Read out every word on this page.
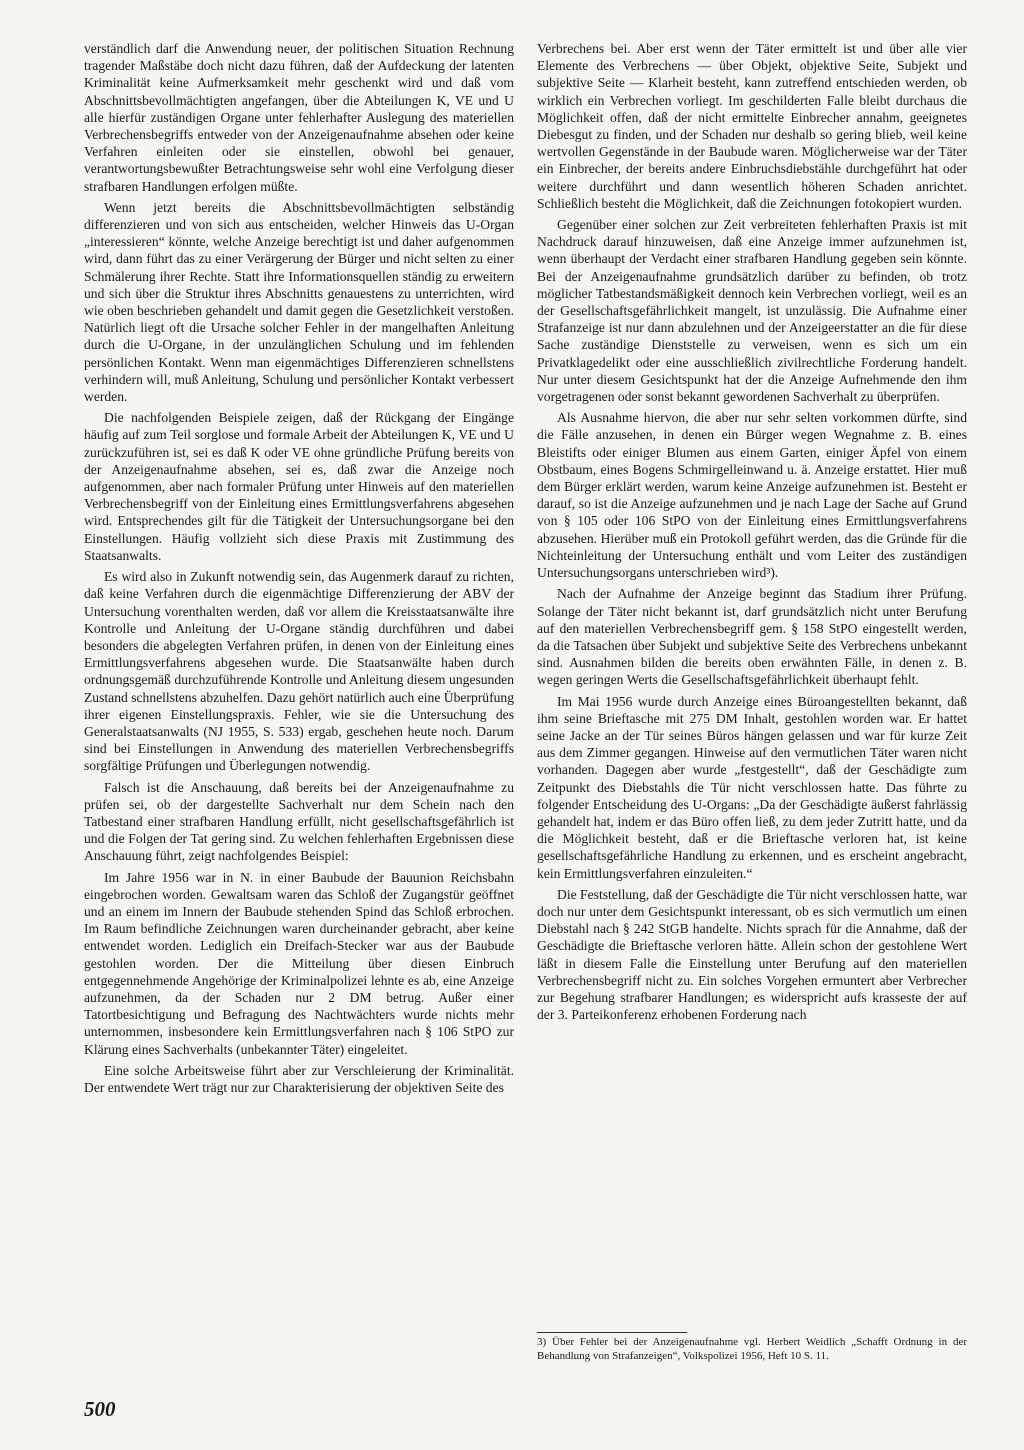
verständlich darf die Anwendung neuer, der politischen Situation Rechnung tragender Maßstäbe doch nicht dazu führen, daß der Aufdeckung der latenten Kriminalität keine Aufmerksamkeit mehr geschenkt wird und daß vom Abschnittsbevollmächtigten angefangen, über die Abteilungen K, VE und U alle hierfür zuständigen Organe unter fehlerhafter Auslegung des materiellen Verbrechensbegriffs entweder von der Anzeigenaufnahme absehen oder keine Verfahren einleiten oder sie einstellen, obwohl bei genauer, verantwortungsbewußter Betrachtungsweise sehr wohl eine Verfolgung dieser strafbaren Handlungen erfolgen müßte.

Wenn jetzt bereits die Abschnittsbevollmächtigten selbständig differenzieren und von sich aus entscheiden, welcher Hinweis das U-Organ „interessieren“ könnte, welche Anzeige berechtigt ist und daher aufgenommen wird, dann führt das zu einer Verärgerung der Bürger und nicht selten zu einer Schmälerung ihrer Rechte. Statt ihre Informationsquellen ständig zu erweitern und sich über die Struktur ihres Abschnitts genauestens zu unterrichten, wird wie oben beschrieben gehandelt und damit gegen die Gesetzlichkeit verstoßen. Natürlich liegt oft die Ursache solcher Fehler in der mangelhaften Anleitung durch die U-Organe, in der unzulänglichen Schulung und im fehlenden persönlichen Kontakt. Wenn man eigenmächtiges Differenzieren schnellstens verhindern will, muß Anleitung, Schulung und persönlicher Kontakt verbessert werden.

Die nachfolgenden Beispiele zeigen, daß der Rückgang der Eingänge häufig auf zum Teil sorglose und formale Arbeit der Abteilungen K, VE und U zurückzuführen ist, sei es daß K oder VE ohne gründliche Prüfung bereits von der Anzeigenaufnahme absehen, sei es, daß zwar die Anzeige noch aufgenommen, aber nach formaler Prüfung unter Hinweis auf den materiellen Verbrechensbegriff von der Einleitung eines Ermittlungsverfahrens abgesehen wird. Entsprechendes gilt für die Tätigkeit der Untersuchungsorgane bei den Einstellungen. Häufig vollzieht sich diese Praxis mit Zustimmung des Staatsanwalts.

Es wird also in Zukunft notwendig sein, das Augenmerk darauf zu richten, daß keine Verfahren durch die eigenmächtige Differenzierung der ABV der Untersuchung vorenthalten werden, daß vor allem die Kreisstaatsanwälte ihre Kontrolle und Anleitung der U-Organe ständig durchführen und dabei besonders die abgelegten Verfahren prüfen, in denen von der Einleitung eines Ermittlungsverfahrens abgesehen wurde. Die Staatsanwälte haben durch ordnungsgemäß durchzuführende Kontrolle und Anleitung diesem ungesunden Zustand schnellstens abzuhelfen. Dazu gehört natürlich auch eine Überprüfung ihrer eigenen Einstellungspraxis. Fehler, wie sie die Untersuchung des Generalstaatsanwalts (NJ 1955, S. 533) ergab, geschehen heute noch. Darum sind bei Einstellungen in Anwendung des materiellen Verbrechensbegriffs sorgfältige Prüfungen und Überlegungen notwendig.

Falsch ist die Anschauung, daß bereits bei der Anzeigenaufnahme zu prüfen sei, ob der dargestellte Sachverhalt nur dem Schein nach den Tatbestand einer strafbaren Handlung erfüllt, nicht gesellschaftsgefährlich ist und die Folgen der Tat gering sind. Zu welchen fehlerhaften Ergebnissen diese Anschauung führt, zeigt nachfolgendes Beispiel:

Im Jahre 1956 war in N. in einer Baubude der Bauunion Reichsbahn eingebrochen worden. Gewaltsam waren das Schloß der Zugangstür geöffnet und an einem im Innern der Baubude stehenden Spind das Schloß erbrochen. Im Raum befindliche Zeichnungen waren durcheinander gebracht, aber keine entwendet worden. Lediglich ein Dreifach-Stecker war aus der Baubude gestohlen worden. Der die Mitteilung über diesen Einbruch entgegennehmende Angehörige der Kriminalpolizei lehnte es ab, eine Anzeige aufzunehmen, da der Schaden nur 2 DM betrug. Außer einer Tatortbesichtigung und Befragung des Nachtwächters wurde nichts mehr unternommen, insbesondere kein Ermittlungsverfahren nach § 106 StPO zur Klärung eines Sachverhalts (unbekannter Täter) eingeleitet.

Eine solche Arbeitsweise führt aber zur Verschleierung der Kriminalität. Der entwendete Wert trägt nur zur Charakterisierung der objektiven Seite des

Verbrechens bei. Aber erst wenn der Täter ermittelt ist und über alle vier Elemente des Verbrechens — über Objekt, objektive Seite, Subjekt und subjektive Seite — Klarheit besteht, kann zutreffend entschieden werden, ob wirklich ein Verbrechen vorliegt. Im geschilderten Falle bleibt durchaus die Möglichkeit offen, daß der nicht ermittelte Einbrecher annahm, geeignetes Diebesgut zu finden, und der Schaden nur deshalb so gering blieb, weil keine wertvollen Gegenstände in der Baubude waren. Möglicherweise war der Täter ein Einbrecher, der bereits andere Einbruchsdiebstähle durchgeführt hat oder weitere durchführt und dann wesentlich höheren Schaden anrichtet. Schließlich besteht die Möglichkeit, daß die Zeichnungen fotokopiert wurden.

Gegenüber einer solchen zur Zeit verbreiteten fehlerhaften Praxis ist mit Nachdruck darauf hinzuweisen, daß eine Anzeige immer aufzunehmen ist, wenn überhaupt der Verdacht einer strafbaren Handlung gegeben sein könnte. Bei der Anzeigenaufnahme grundsätzlich darüber zu befinden, ob trotz möglicher Tatbestandsmäßigkeit dennoch kein Verbrechen vorliegt, weil es an der Gesellschaftsgefährlichkeit mangelt, ist unzulässig. Die Aufnahme einer Strafanzeige ist nur dann abzulehnen und der Anzeigeerstatter an die für diese Sache zuständige Dienststelle zu verweisen, wenn es sich um ein Privatklagedelikt oder eine ausschließlich zivilrechtliche Forderung handelt. Nur unter diesem Gesichtspunkt hat der die Anzeige Aufnehmende den ihm vorgetragenen oder sonst bekannt gewordenen Sachverhalt zu überprüfen.

Als Ausnahme hiervon, die aber nur sehr selten vorkommen dürfte, sind die Fälle anzusehen, in denen ein Bürger wegen Wegnahme z. B. eines Bleistifts oder einiger Blumen aus einem Garten, einiger Äpfel von einem Obstbaum, eines Bogens Schmirgelleinwand u. ä. Anzeige erstattet. Hier muß dem Bürger erklärt werden, warum keine Anzeige aufzunehmen ist. Besteht er darauf, so ist die Anzeige aufzunehmen und je nach Lage der Sache auf Grund von § 105 oder 106 StPO von der Einleitung eines Ermittlungsverfahrens abzusehen. Hierüber muß ein Protokoll geführt werden, das die Gründe für die Nichteinleitung der Untersuchung enthält und vom Leiter des zuständigen Untersuchungsorgans unterschrieben wird³).

Nach der Aufnahme der Anzeige beginnt das Stadium ihrer Prüfung. Solange der Täter nicht bekannt ist, darf grundsätzlich nicht unter Berufung auf den materiellen Verbrechensbegriff gem. § 158 StPO eingestellt werden, da die Tatsachen über Subjekt und subjektive Seite des Verbrechens unbekannt sind. Ausnahmen bilden die bereits oben erwähnten Fälle, in denen z. B. wegen geringen Werts die Gesellschaftsgefährlichkeit überhaupt fehlt.

Im Mai 1956 wurde durch Anzeige eines Büroangestellten bekannt, daß ihm seine Brieftasche mit 275 DM Inhalt, gestohlen worden war. Er hattet seine Jacke an der Tür seines Büros hängen gelassen und war für kurze Zeit aus dem Zimmer gegangen. Hinweise auf den vermutlichen Täter waren nicht vorhanden. Dagegen aber wurde „festgestellt“, daß der Geschädigte zum Zeitpunkt des Diebstahls die Tür nicht verschlossen hatte. Das führte zu folgender Entscheidung des U-Organs: „Da der Geschädigte äußerst fahrlässig gehandelt hat, indem er das Büro offen ließ, zu dem jeder Zutritt hatte, und da die Möglichkeit besteht, daß er die Brieftasche verloren hat, ist keine gesellschaftsgefährliche Handlung zu erkennen, und es erscheint angebracht, kein Ermittlungsverfahren einzuleiten.“

Die Feststellung, daß der Geschädigte die Tür nicht verschlossen hatte, war doch nur unter dem Gesichtspunkt interessant, ob es sich vermutlich um einen Diebstahl nach § 242 StGB handelte. Nichts sprach für die Annahme, daß der Geschädigte die Brieftasche verloren hätte. Allein schon der gestohlene Wert läßt in diesem Falle die Einstellung unter Berufung auf den materiellen Verbrechensbegriff nicht zu. Ein solches Vorgehen ermuntert aber Verbrecher zur Begehung strafbarer Handlungen; es widerspricht aufs krasseste der auf der 3. Parteikonferenz erhobenen Forderung nach

3) Über Fehler bei der Anzeigenaufnahme vgl. Herbert Weidlich „Schafft Ordnung in der Behandlung von Strafanzeigen“, Volkspolizei 1956, Heft 10 S. 11.
500
